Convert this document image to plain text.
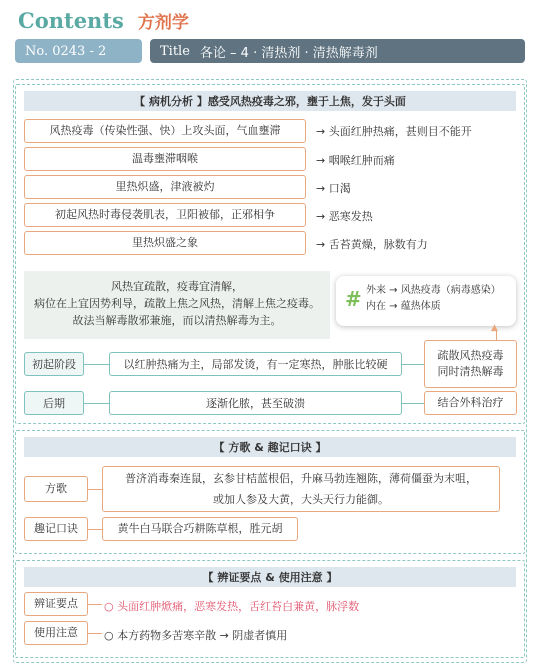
Contents 方剂学
No. 0243 - 2	Title 各论 – 4 · 清热剂 · 清热解毒剂
【 病机分析 】感受风热疫毒之邪，壅于上焦，发于头面
风热疫毒（传染性强、快）上攻头面，气血壅滞	→ 头面红肿热痛，甚则目不能开
温毒壅滞咽喉	→ 咽喉红肿而痛
里热炽盛，津液被灼	→ 口渴
初起风热时毒侵袭肌表，卫阳被郁，正邪相争	→ 恶寒发热
里热炽盛之象	→ 舌苔黄燥，脉数有力
风热宜疏散，疫毒宜清解，
病位在上宜因势利导，疏散上焦之风热，清解上焦之疫毒。
故法当解毒散邪兼施，而以清热解毒为主。
# 外来 → 风热疫毒（病毒感染）
内在 → 蕴热体质
▲
初起阶段	以红肿热痛为主，局部发烫，有一定寒热，肿胀比较硬
疏散风热疫毒
同时清热解毒
后期	逐渐化脓，甚至破溃	结合外科治疗
【 方歌 & 趣记口诀 】
方歌
普济消毒秦连鼠，玄参甘桔蓝根侣，升麻马勃连翘陈，薄荷僵蚕为末咀，
或加人参及大黄，大头天行力能御。
趣记口诀	黄牛白马联合巧耕陈草根，胜元胡
【 辨证要点 & 使用注意 】
辨证要点	○ 头面红肿焮痛，恶寒发热，舌红苔白兼黄，脉浮数
使用注意	○ 本方药物多苦寒辛散 → 阴虚者慎用
